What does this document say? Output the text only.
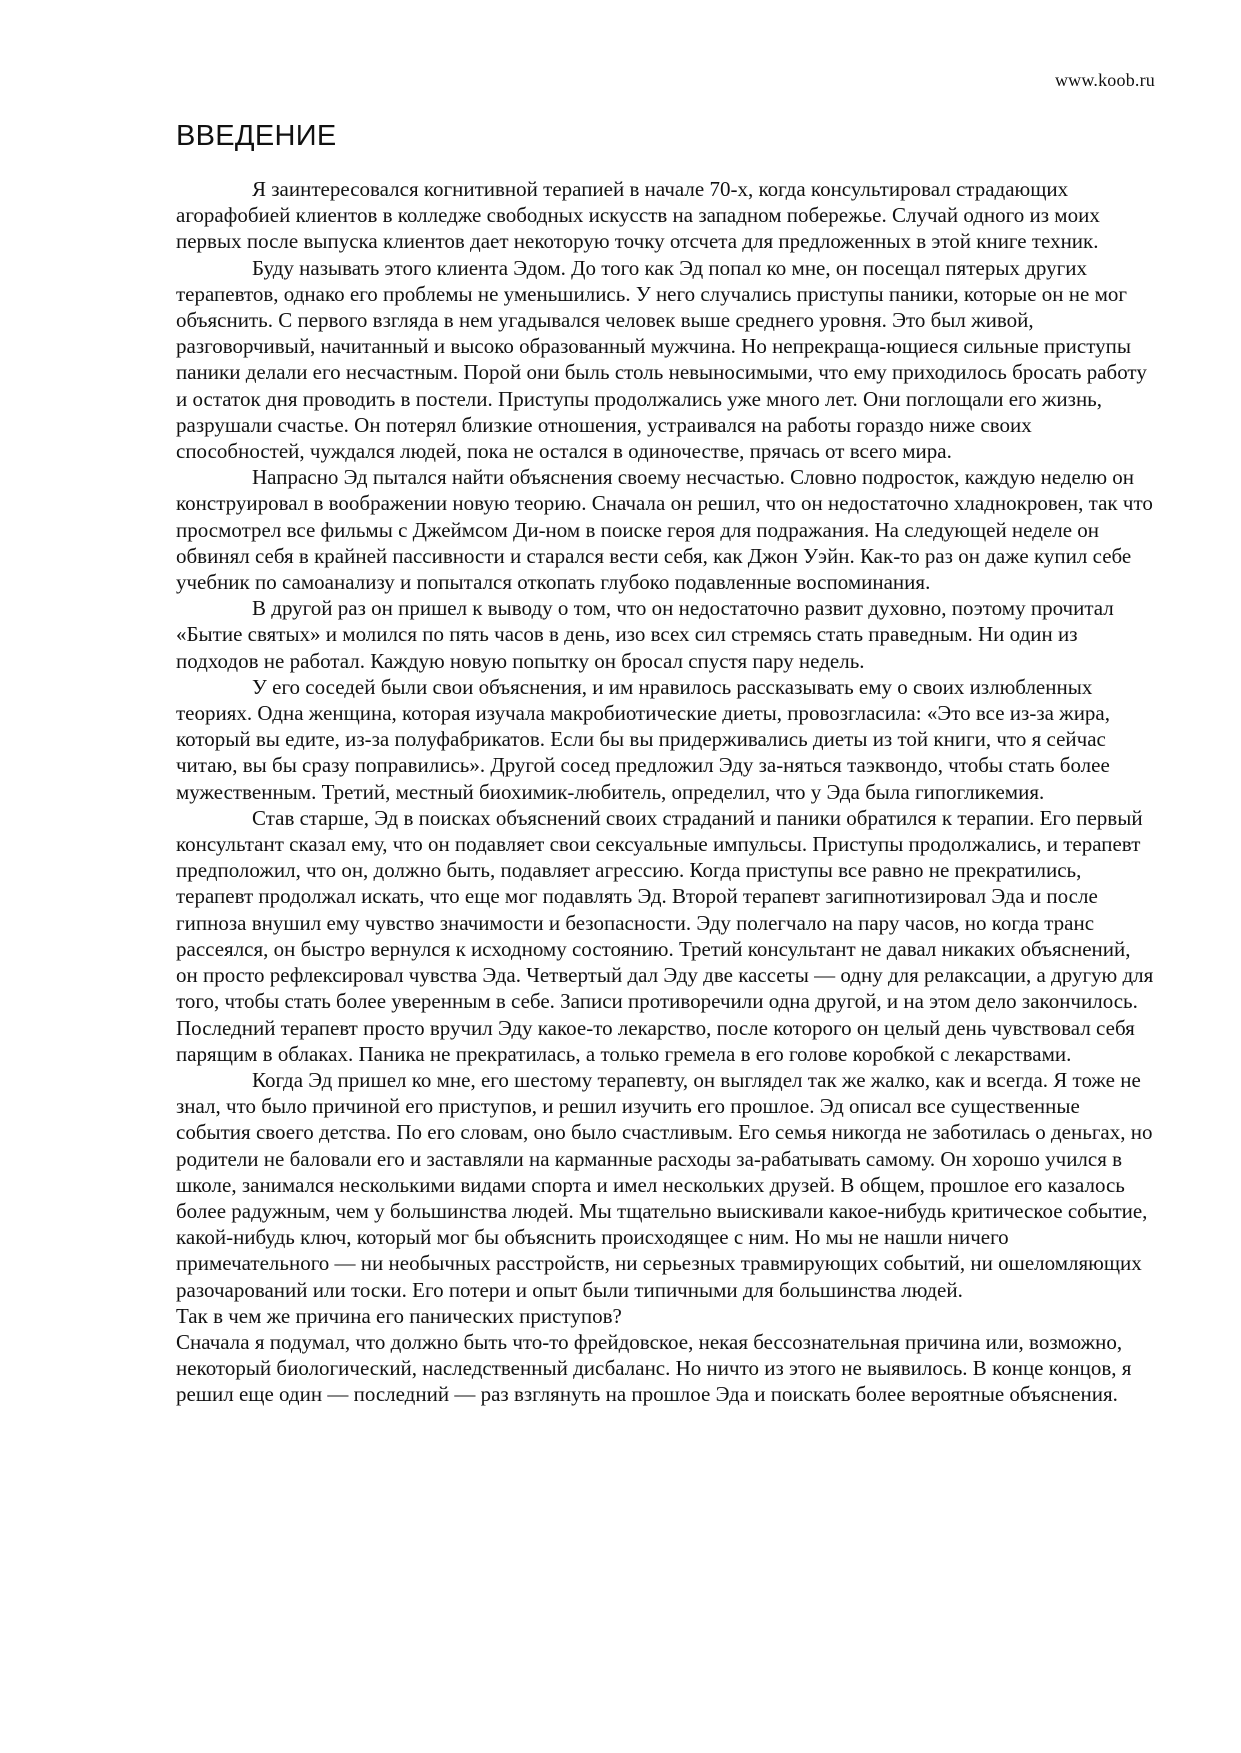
www.koob.ru

ВВЕДЕНИЕ

Я заинтересовался когнитивной терапией в начале 70-х, когда консультировал страдающих агорафобией клиентов в колледже свободных искусств на западном побережье. Случай одного из моих первых после выпуска клиентов дает некоторую точку отсчета для предложенных в этой книге техник.

Буду называть этого клиента Эдом. До того как Эд попал ко мне, он посещал пятерых других терапевтов, однако его проблемы не уменьшились. У него случались приступы паники, которые он не мог объяснить. С первого взгляда в нем угадывался человек выше среднего уровня. Это был живой, разговорчивый, начитанный и высоко образованный мужчина. Но непрекраща-ющиеся сильные приступы паники делали его несчастным. Порой они быль столь невыносимыми, что ему приходилось бросать работу и остаток дня проводить в постели. Приступы продолжались уже много лет. Они поглощали его жизнь, разрушали счастье. Он потерял близкие отношения, устраивался на работы гораздо ниже своих способностей, чуждался людей, пока не остался в одиночестве, прячась от всего мира.

Напрасно Эд пытался найти объяснения своему несчастью. Словно подросток, каждую неделю он конструировал в воображении новую теорию. Сначала он решил, что он недостаточно хладнокровен, так что просмотрел все фильмы с Джеймсом Ди-ном в поиске героя для подражания. На следующей неделе он обвинял себя в крайней пассивности и старался вести себя, как Джон Уэйн. Как-то раз он даже купил себе учебник по самоанализу и попытался откопать глубоко подавленные воспоминания.

В другой раз он пришел к выводу о том, что он недостаточно развит духовно, поэтому прочитал «Бытие святых» и молился по пять часов в день, изо всех сил стремясь стать праведным. Ни один из подходов не работал. Каждую новую попытку он бросал спустя пару недель.

У его соседей были свои объяснения, и им нравилось рассказывать ему о своих излюбленных теориях. Одна женщина, которая изучала макробиотические диеты, провозгласила: «Это все из-за жира, который вы едите, из-за полуфабрикатов. Если бы вы придерживались диеты из той книги, что я сейчас читаю, вы бы сразу поправились». Другой сосед предложил Эду за-няться таэквондо, чтобы стать более мужественным. Третий, местный биохимик-любитель, определил, что у Эда была гипогликемия.

Став старше, Эд в поисках объяснений своих страданий и паники обратился к терапии. Его первый консультант сказал ему, что он подавляет свои сексуальные импульсы. Приступы продолжались, и терапевт предположил, что он, должно быть, подавляет агрессию. Когда приступы все равно не прекратились, терапевт продолжал искать, что еще мог подавлять Эд. Второй терапевт загипнотизировал Эда и после гипноза внушил ему чувство значимости и безопасности. Эду полегчало на пару часов, но когда транс рассеялся, он быстро вернулся к исходному состоянию. Третий консультант не давал никаких объяснений, он просто рефлексировал чувства Эда. Четвертый дал Эду две кассеты — одну для релаксации, а другую для того, чтобы стать более уверенным в себе. Записи противоречили одна другой, и на этом дело закончилось. Последний терапевт просто вручил Эду какое-то лекарство, после которого он целый день чувствовал себя парящим в облаках. Паника не прекратилась, а только гремела в его голове коробкой с лекарствами.

Когда Эд пришел ко мне, его шестому терапевту, он выглядел так же жалко, как и всегда. Я тоже не знал, что было причиной его приступов, и решил изучить его прошлое. Эд описал все существенные события своего детства. По его словам, оно было счастливым. Его семья никогда не заботилась о деньгах, но родители не баловали его и заставляли на карманные расходы за-рабатывать самому. Он хорошо учился в школе, занимался несколькими видами спорта и имел нескольких друзей. В общем, прошлое его казалось более радужным, чем у большинства людей. Мы тщательно выискивали какое-нибудь критическое событие, какой-нибудь ключ, который мог бы объяснить происходящее с ним. Но мы не нашли ничего примечательного — ни необычных расстройств, ни серьезных травмирующих событий, ни ошеломляющих разочарований или тоски. Его потери и опыт были типичными для большинства людей.

Так в чем же причина его панических приступов?

Сначала я подумал, что должно быть что-то фрейдовское, некая бессознательная причина или, возможно, некоторый биологический, наследственный дисбаланс. Но ничто из этого не выявилось. В конце концов, я решил еще один — последний — раз взглянуть на прошлое Эда и поискать более вероятные объяснения.
